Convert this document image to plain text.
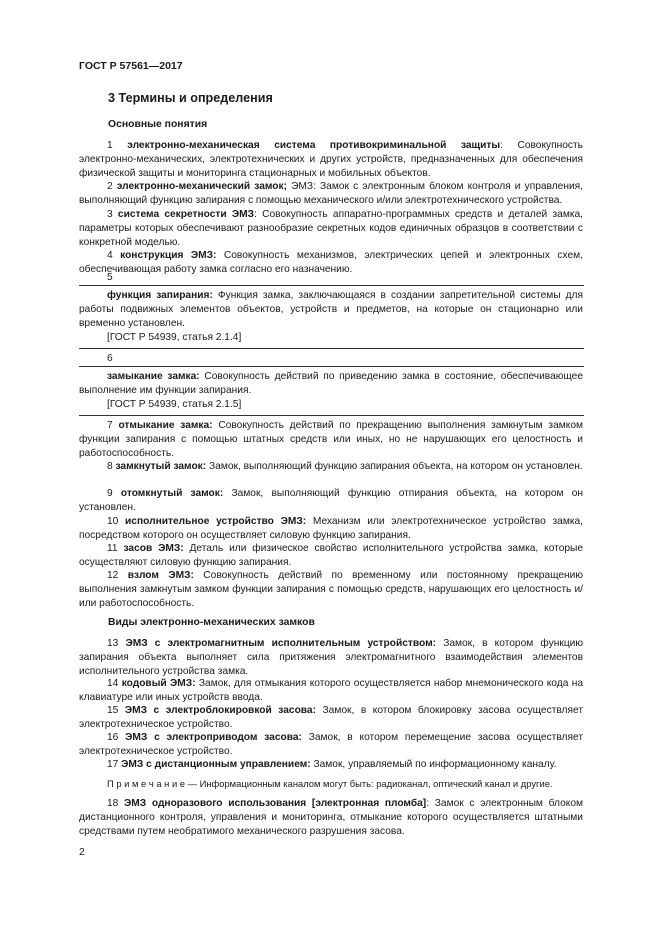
ГОСТ Р 57561—2017
3 Термины и определения
Основные понятия
1 электронно-механическая система противокриминальной защиты: Совокупность электронно-механических, электротехнических и других устройств, предназначенных для обеспечения физической защиты и мониторинга стационарных и мобильных объектов.
2 электронно-механический замок; ЭМЗ: Замок с электронным блоком контроля и управления, выполняющий функцию запирания с помощью механического и/или электротехнического устройства.
3 система секретности ЭМЗ: Совокупность аппаратно-программных средств и деталей замка, параметры которых обеспечивают разнообразие секретных кодов единичных образцов в соответствии с конкретной моделью.
4 конструкция ЭМЗ: Совокупность механизмов, электрических цепей и электронных схем, обеспечивающая работу замка согласно его назначению.
5
функция запирания: Функция замка, заключающаяся в создании запретительной системы для работы подвижных элементов объектов, устройств и предметов, на которые он стационарно или временно установлен.
[ГОСТ Р 54939, статья 2.1.4]
6
замыкание замка: Совокупность действий по приведению замка в состояние, обеспечивающее выполнение им функции запирания.
[ГОСТ Р 54939, статья 2.1.5]
7 отмыкание замка: Совокупность действий по прекращению выполнения замкнутым замком функции запирания с помощью штатных средств или иных, но не нарушающих его целостность и работоспособность.
8 замкнутый замок: Замок, выполняющий функцию запирания объекта, на котором он установлен.
9 отомкнутый замок: Замок, выполняющий функцию отпирания объекта, на котором он установлен.
10 исполнительное устройство ЭМЗ: Механизм или электротехническое устройство замка, посредством которого он осуществляет силовую функцию запирания.
11 засов ЭМЗ: Деталь или физическое свойство исполнительного устройства замка, которые осуществляют силовую функцию запирания.
12 взлом ЭМЗ: Совокупность действий по временному или постоянному прекращению выполнения замкнутым замком функции запирания с помощью средств, нарушающих его целостность и/или работоспособность.
Виды электронно-механических замков
13 ЭМЗ с электромагнитным исполнительным устройством: Замок, в котором функцию запирания объекта выполняет сила притяжения электромагнитного взаимодействия элементов исполнительного устройства замка.
14 кодовый ЭМЗ: Замок, для отмыкания которого осуществляется набор мнемонического кода на клавиатуре или иных устройств ввода.
15 ЭМЗ с электроблокировкой засова: Замок, в котором блокировку засова осуществляет электротехническое устройство.
16 ЭМЗ с электроприводом засова: Замок, в котором перемещение засова осуществляет электротехническое устройство.
17 ЭМЗ с дистанционным управлением: Замок, управляемый по информационному каналу.
П р и м е ч а н и е — Информационным каналом могут быть: радиоканал, оптический канал и другие.
18 ЭМЗ одноразового использования [электронная пломба]: Замок с электронным блоком дистанционного контроля, управления и мониторинга, отмыкание которого осуществляется штатными средствами путем необратимого механического разрушения засова.
2
